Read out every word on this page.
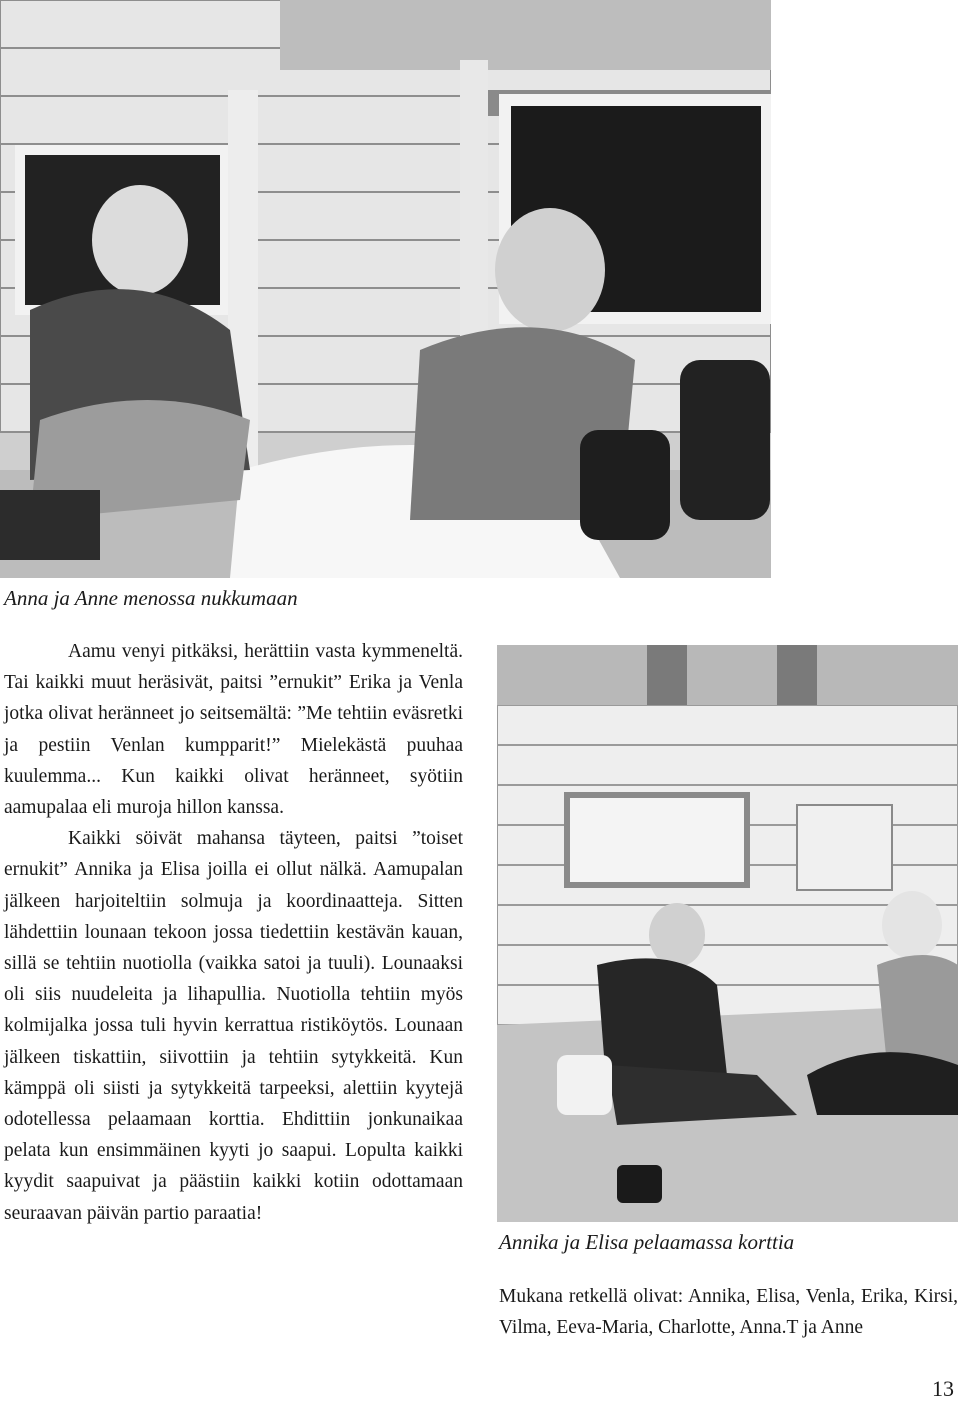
Anna ja Anne menossa nukkumaan

Aamu venyi pitkäksi, herättiin vasta kymmeneltä. Tai kaikki muut heräsivät, paitsi ”ernukit” Erika ja Venla jotka olivat heränneet jo seitsemältä: ”Me tehtiin eväsretki ja pestiin Venlan kumpparit!” Mielekästä puuhaa kuulemma... Kun kaikki olivat heränneet, syötiin aamupalaa eli muroja hillon kanssa.

Kaikki söivät mahansa täyteen, paitsi ”toiset ernukit” Annika ja Elisa joilla ei ollut nälkä. Aamupalan jälkeen harjoiteltiin solmuja ja koordinaatteja. Sitten lähdettiin lounaan tekoon jossa tiedettiin kestävän kauan, sillä se tehtiin nuotiolla (vaikka satoi ja tuuli). Lounaaksi oli siis nuudeleita ja lihapullia. Nuotiolla tehtiin myös kolmijalka jossa tuli hyvin kerrattua ristiköytös. Lounaan jälkeen tiskattiin, siivottiin ja tehtiin sytykkeitä. Kun kämppä oli siisti ja sytykkeitä tarpeeksi, alettiin kyytejä odotellessa pelaamaan korttia. Ehdittiin jonkunaikaa pelata kun ensimmäinen kyyti jo saapui. Lopulta kaikki kyydit saapuivat ja päästiin kaikki kotiin odottamaan seuraavan päivän partio paraatia!

Annika ja Elisa pelaamassa korttia
Mukana retkellä olivat: Annika, Elisa, Venla, Erika, Kirsi, Vilma, Eeva-Maria, Charlotte, Anna.T ja Anne
13
